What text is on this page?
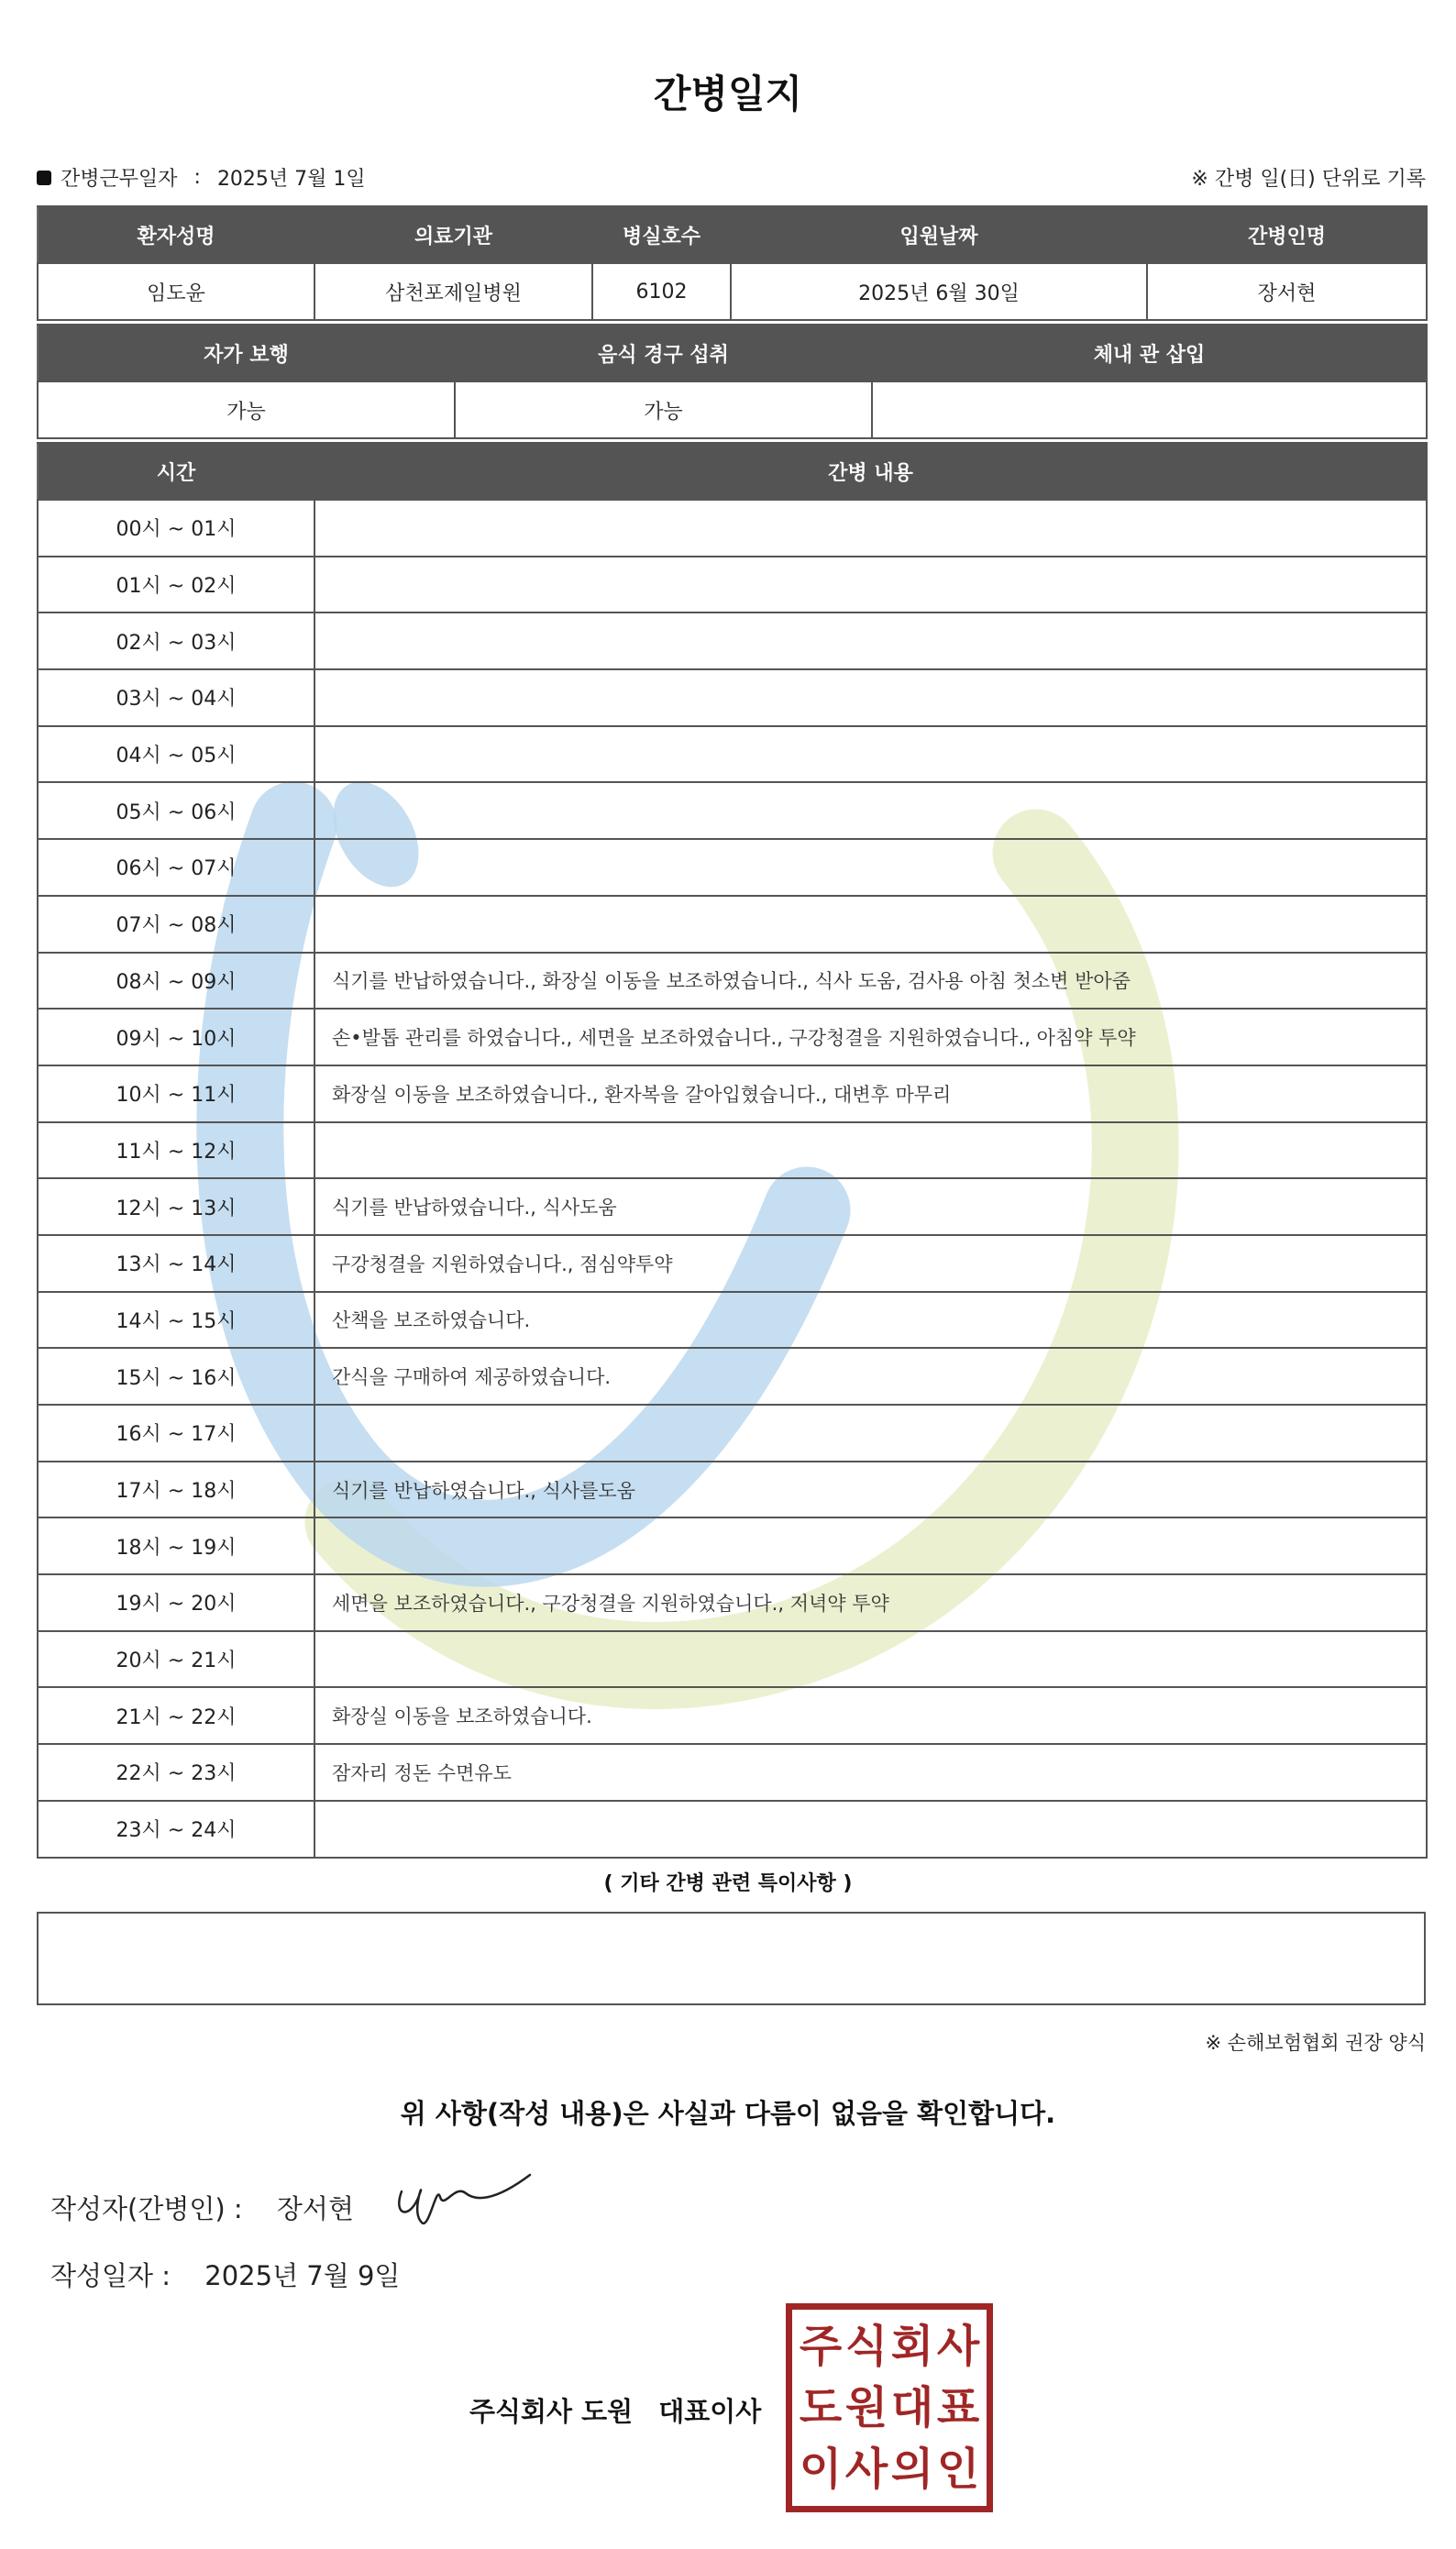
간병일지
간병근무일자 : 2025년 7월 1일	※ 간병 일(日) 단위로 기록
환자성명	의료기관	병실호수	입원날짜	간병인명
임도윤	삼천포제일병원	6102	2025년 6월 30일	장서현
자가 보행	음식 경구 섭취	체내 관 삽입
가능	가능	
시간	간병 내용
00시 ~ 01시	
01시 ~ 02시	
02시 ~ 03시	
03시 ~ 04시	
04시 ~ 05시	
05시 ~ 06시	
06시 ~ 07시	
07시 ~ 08시	
08시 ~ 09시	식기를 반납하였습니다., 화장실 이동을 보조하였습니다., 식사 도움, 검사용 아침 첫소변 받아줌
09시 ~ 10시	손•발톱 관리를 하였습니다., 세면을 보조하였습니다., 구강청결을 지원하였습니다., 아침약 투약
10시 ~ 11시	화장실 이동을 보조하였습니다., 환자복을 갈아입혔습니다., 대변후 마무리
11시 ~ 12시	
12시 ~ 13시	식기를 반납하였습니다., 식사도움
13시 ~ 14시	구강청결을 지원하였습니다., 점심약투약
14시 ~ 15시	산책을 보조하였습니다.
15시 ~ 16시	간식을 구매하여 제공하였습니다.
16시 ~ 17시	
17시 ~ 18시	식기를 반납하였습니다., 식사를도움
18시 ~ 19시	
19시 ~ 20시	세면을 보조하였습니다., 구강청결을 지원하였습니다., 저녁약 투약
20시 ~ 21시	
21시 ~ 22시	화장실 이동을 보조하였습니다.
22시 ~ 23시	잠자리 정돈 수면유도
23시 ~ 24시	
( 기타 간병 관련 특이사항 )
※ 손해보험협회 권장 양식
위 사항(작성 내용)은 사실과 다름이 없음을 확인합니다.
작성자(간병인) : 장서현
작성일자 : 2025년 7월 9일
주식회사 도원 대표이사
주 식 회 사
도 원 대 표
이 사 의 인
